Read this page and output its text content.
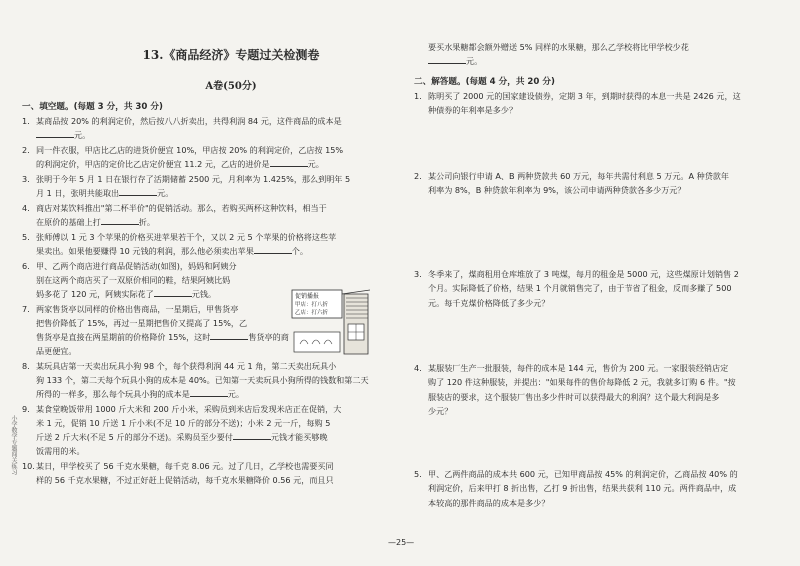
小学数学专题闯关练习
13.《商品经济》专题过关检测卷
A卷(50分)
一、填空题。(每题 3 分，共 30 分)

1. 某商品按 20% 的利润定价，然后按八八折卖出，共得利润 84 元，这件商品的成本是

元。

2. 同一件衣服，甲店比乙店的进货价便宜 10%，甲店按 20% 的利润定价，乙店按 15%

的利润定价，甲店的定价比乙店定价便宜 11.2 元，乙店的进价是	元。

3. 张明于今年 5 月 1 日在银行存了活期储蓄 2500 元，月利率为 1.425%，那么到明年 5

月 1 日，张明共能取出	元。

4. 商店对某饮料推出"第二杯半价"的促销活动。那么，若购买两杯这种饮料，相当于

在原价的基础上打	折。

5. 张师傅以 1 元 3 个苹果的价格买进苹果若干个，又以 2 元 5 个苹果的价格将这些苹

果卖出。如果他要赚得 10 元钱的利润，那么他必须卖出苹果	个。

6. 甲、乙两个商店进行商品促销活动(如图)，妈妈和阿姨分

别在这两个商店买了一双原价相同的鞋，结果阿姨比妈

妈多花了 120 元，阿姨实际花了	元钱。

7. 两家售货亭以同样的价格出售商品，一星期后，甲售货亭

把售价降低了 15%，再过一星期把售价又提高了 15%，乙

售货亭是直接在两星期前的价格降价 15%，这时	售货亭的商品更便宜。

8. 某玩具店第一天卖出玩具小狗 98 个，每个获得利润 44 元 1 角，第二天卖出玩具小

狗 133 个，第二天每个玩具小狗的成本是 40%。已知第一天卖玩具小狗所得的钱数和第二天

所得的一样多，那么每个玩具小狗的成本是	元。

9. 某食堂晚饭带用 1000 斤大米和 200 斤小米，采购员到米店后发现米店正在促销，大

米 1 元，促销 10 斤送 1 斤小米(不足 10 斤的部分不送)；小米 2 元一斤，每购 5

斤送 2 斤大米(不足 5 斤的部分不送)。采购员至少要付	元钱才能买够晚

饭需用的米。

10.某日，甲学校买了 56 千克水果糖，每千克 8.06 元。过了几日，乙学校也需要买同

样的 56 千克水果糖，不过正好赶上促销活动，每千克水果糖降价 0.56 元，而且只

促销播报
甲店：打八折
乙店：打六折

要买水果糖都会额外赠送 5% 同样的水果糖，那么乙学校将比甲学校少花

元。

二、解答题。(每题 4 分，共 20 分)

1. 陈明买了 2000 元的国家建设债券，定期 3 年，到期时获得的本息一共是 2426 元，这

种债券的年利率是多少？

2. 某公司向银行申请 A、B 两种贷款共 60 万元，每年共需付利息 5 万元。A 种贷款年

利率为 8%，B 种贷款年利率为 9%，该公司申请两种贷款各多少万元？

3. 冬季来了，煤商租用仓库堆放了 3 吨煤，每月的租金是 5000 元，这些煤原计划销售 2

个月。实际降低了价格，结果 1 个月就销售完了，由于节省了租金，反而多赚了 500

元。每千克煤价格降低了多少元？

4. 某服装厂生产一批服装，每件的成本是 144 元，售价为 200 元。一家服装经销店定

购了 120 件这种服装，并提出："如果每件的售价每降低 2 元，我就多订购 6 件。"按

服装店的要求，这个服装厂售出多少件时可以获得最大的利润？这个最大利润是多

少元？

5. 甲、乙两件商品的成本共 600 元，已知甲商品按 45% 的利润定价，乙商品按 40% 的

利润定价，后来甲打 8 折出售，乙打 9 折出售，结果共获利 110 元。两件商品中，成

本较高的那件商品的成本是多少？

—25—
